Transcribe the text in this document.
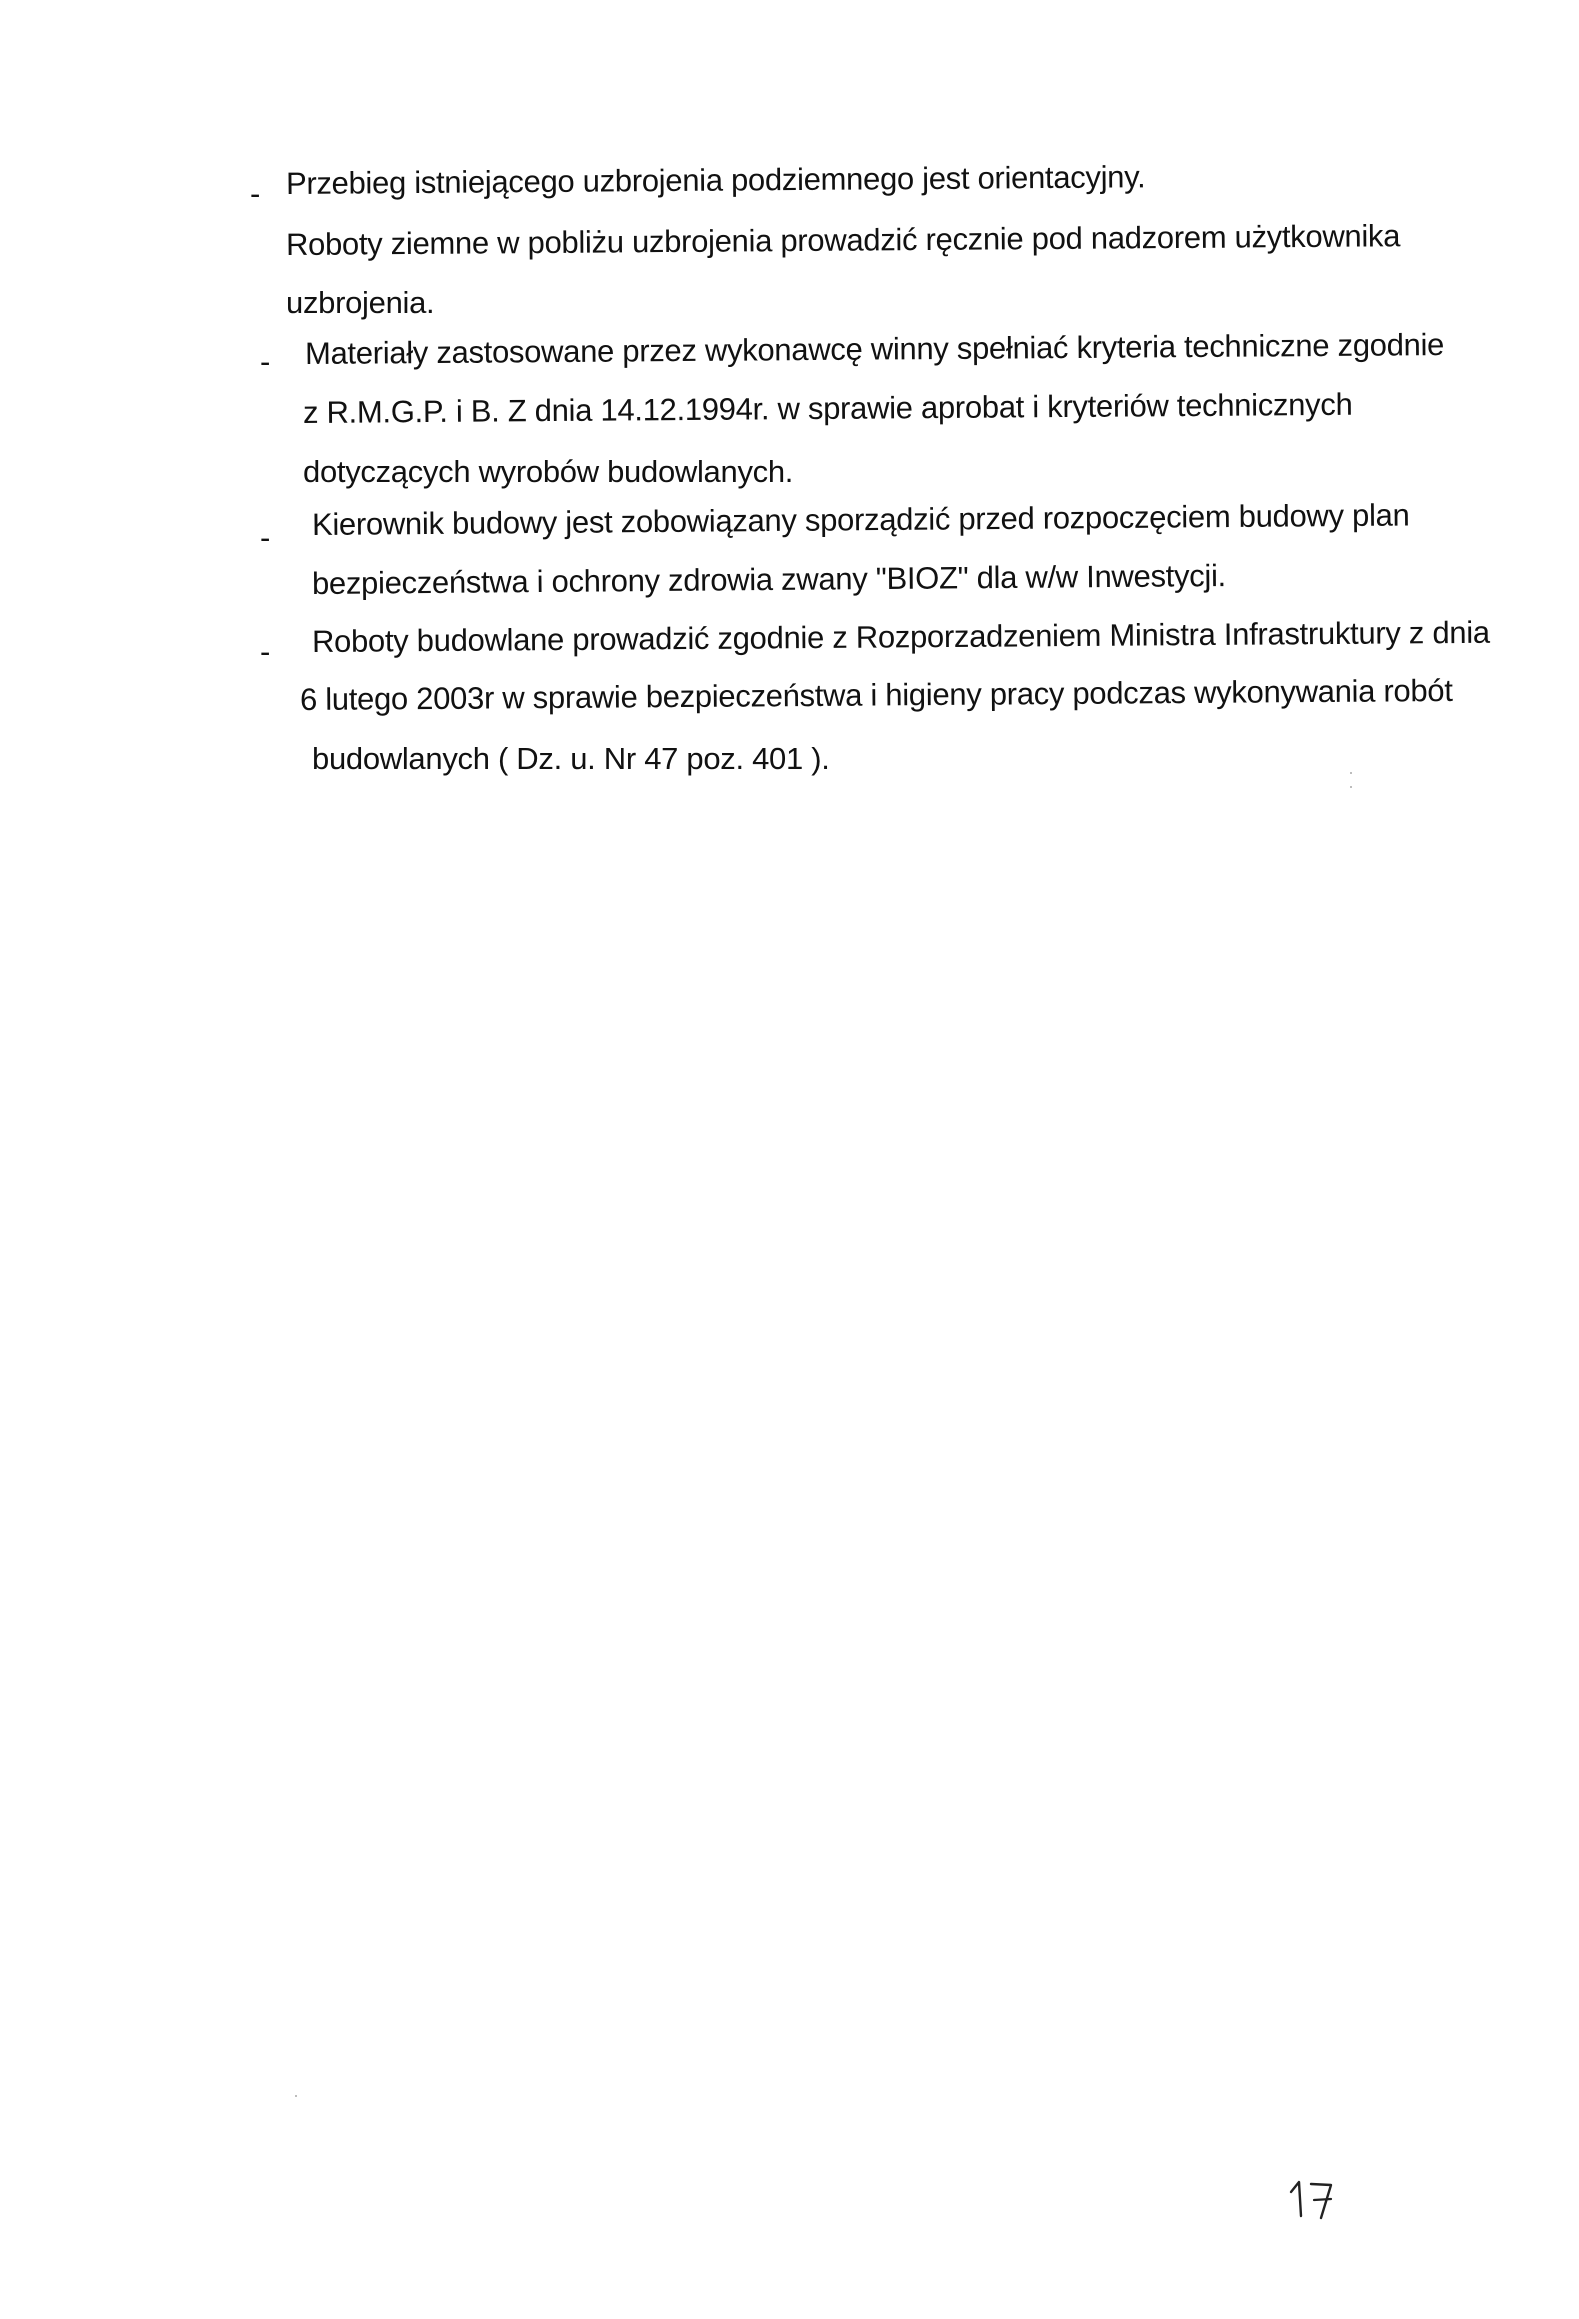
- Przebieg istniejącego uzbrojenia podziemnego jest orientacyjny.
Roboty ziemne w pobliżu uzbrojenia prowadzić ręcznie pod nadzorem użytkownika
uzbrojenia.
- Materiały zastosowane przez wykonawcę winny spełniać kryteria techniczne zgodnie
z R.M.G.P. i B. Z dnia 14.12.1994r. w sprawie aprobat i kryteriów technicznych
dotyczących wyrobów budowlanych.
- Kierownik budowy jest zobowiązany sporządzić przed rozpoczęciem budowy plan
bezpieczeństwa i ochrony zdrowia zwany "BIOZ" dla w/w Inwestycji.
- Roboty budowlane prowadzić zgodnie z Rozporzadzeniem Ministra Infrastruktury z dnia
6 lutego 2003r w sprawie bezpieczeństwa i higieny pracy podczas wykonywania robót
budowlanych ( Dz. u. Nr 47 poz. 401 ).
